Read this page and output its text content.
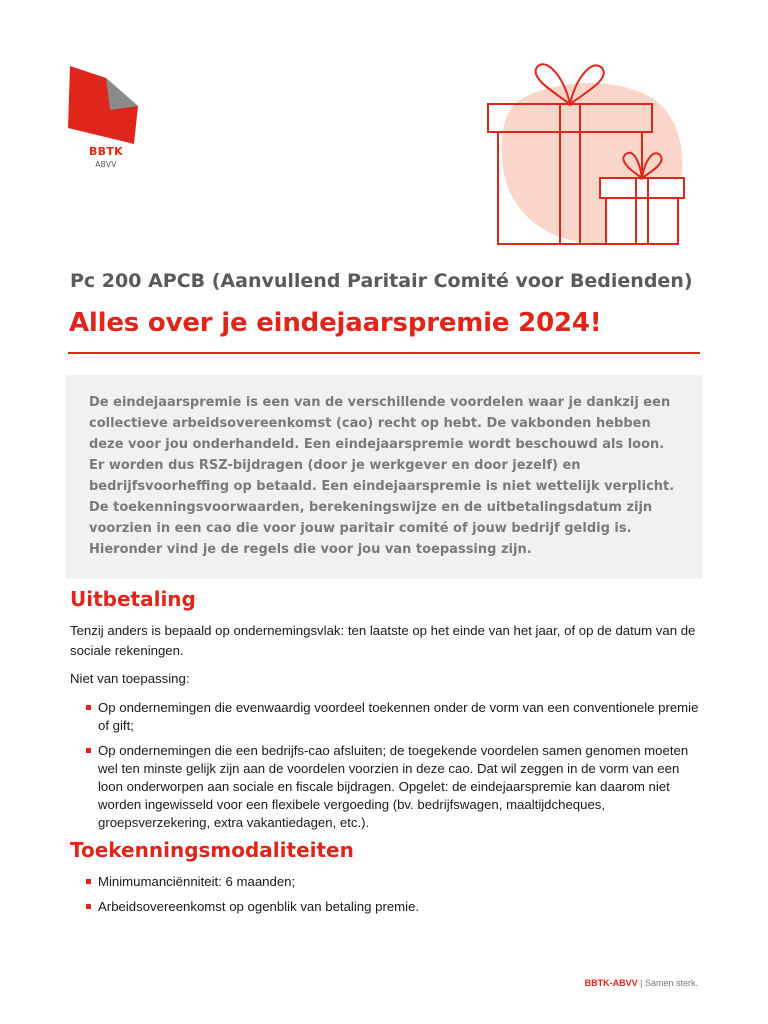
BBTK
ABVV
Pc 200 APCB (Aanvullend Paritair Comité voor Bedienden)
Alles over je eindejaarspremie 2024!

De eindejaarspremie is een van de verschillende voordelen waar je dankzij een collectieve arbeidsovereenkomst (cao) recht op hebt. De vakbonden hebben deze voor jou onderhandeld. Een eindejaarspremie wordt beschouwd als loon. Er worden dus RSZ-bijdragen (door je werkgever en door jezelf) en bedrijfsvoorheffing op betaald. Een eindejaarspremie is niet wettelijk verplicht. De toekenningsvoorwaarden, berekeningswijze en de uitbetalingsdatum zijn voorzien in een cao die voor jouw paritair comité of jouw bedrijf geldig is. Hieronder vind je de regels die voor jou van toepassing zijn.

Uitbetaling

Tenzij anders is bepaald op ondernemingsvlak: ten laatste op het einde van het jaar, of op de datum van de sociale rekeningen.

Niet van toepassing:

Op ondernemingen die evenwaardig voordeel toekennen onder de vorm van een conventionele premie of gift;
Op ondernemingen die een bedrijfs-cao afsluiten; de toegekende voordelen samen genomen moeten wel ten minste gelijk zijn aan de voordelen voorzien in deze cao. Dat wil zeggen in de vorm van een loon onderworpen aan sociale en fiscale bijdragen. Opgelet: de eindejaarspremie kan daarom niet worden ingewisseld voor een flexibele vergoeding (bv. bedrijfswagen, maaltijdcheques, groepsverzekering, extra vakantiedagen, etc.).
Toekenningsmodaliteiten
Minimumanciënniteit: 6 maanden;
Arbeidsovereenkomst op ogenblik van betaling premie.
BBTK-ABVV | Samen sterk.
